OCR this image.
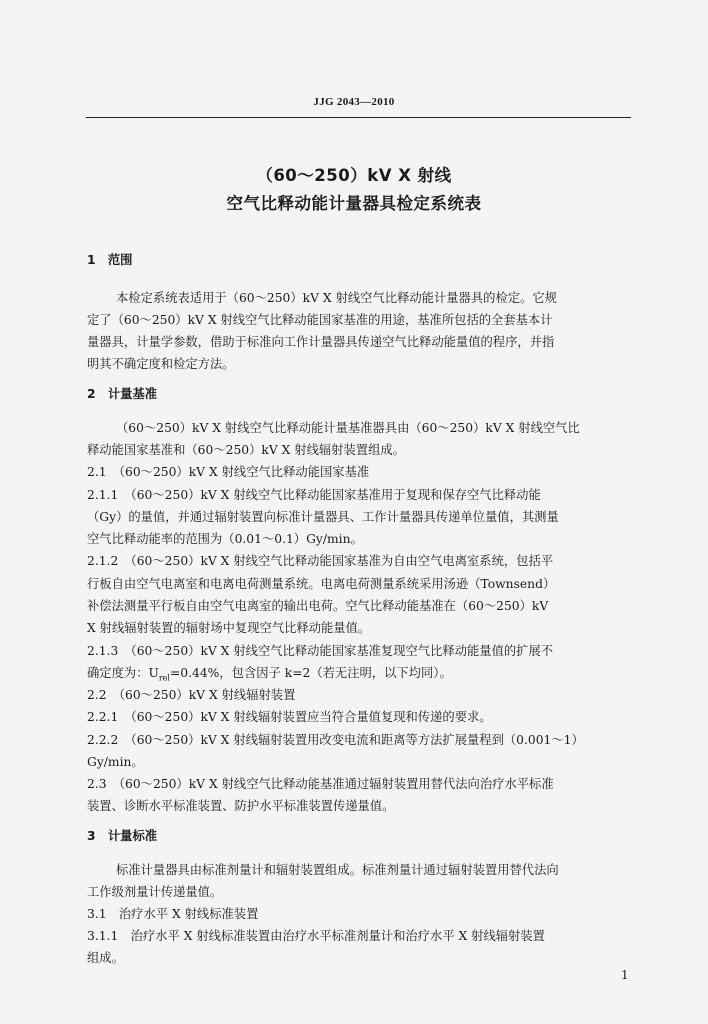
JJG 2043—2010
（60～250）kV X 射线
空气比释动能计量器具检定系统表
1　范围
本检定系统表适用于（60～250）kV X 射线空气比释动能计量器具的检定。它规
定了（60～250）kV X 射线空气比释动能国家基准的用途，基准所包括的全套基本计
量器具，计量学参数，借助于标准向工作计量器具传递空气比释动能量值的程序，并指
明其不确定度和检定方法。
2　计量基准
（60～250）kV X 射线空气比释动能计量基准器具由（60～250）kV X 射线空气比
释动能国家基准和（60～250）kV X 射线辐射装置组成。
2.1　（60～250）kV X 射线空气比释动能国家基准
2.1.1　（60～250）kV X 射线空气比释动能国家基准用于复现和保存空气比释动能
（Gy）的量值，并通过辐射装置向标准计量器具、工作计量器具传递单位量值，其测量
空气比释动能率的范围为（0.01～0.1）Gy/min。
2.1.2　（60～250）kV X 射线空气比释动能国家基准为自由空气电离室系统，包括平
行板自由空气电离室和电离电荷测量系统。电离电荷测量系统采用汤逊（Townsend）
补偿法测量平行板自由空气电离室的输出电荷。空气比释动能基准在（60～250）kV
X 射线辐射装置的辐射场中复现空气比释动能量值。
2.1.3　（60～250）kV X 射线空气比释动能国家基准复现空气比释动能量值的扩展不
确定度为：$U_{rel}=0.44\%$，包含因子 k=2（若无注明，以下均同）。
2.2　（60～250）kV X 射线辐射装置
2.2.1　（60～250）kV X 射线辐射装置应当符合量值复现和传递的要求。
2.2.2　（60～250）kV X 射线辐射装置用改变电流和距离等方法扩展量程到（0.001～1）
Gy/min。
2.3　（60～250）kV X 射线空气比释动能基准通过辐射装置用替代法向治疗水平标准
装置、诊断水平标准装置、防护水平标准装置传递量值。
3　计量标准
标准计量器具由标准剂量计和辐射装置组成。标准剂量计通过辐射装置用替代法向
工作级剂量计传递量值。
3.1　治疗水平 X 射线标准装置
3.1.1　治疗水平 X 射线标准装置由治疗水平标准剂量计和治疗水平 X 射线辐射装置
组成。
1
